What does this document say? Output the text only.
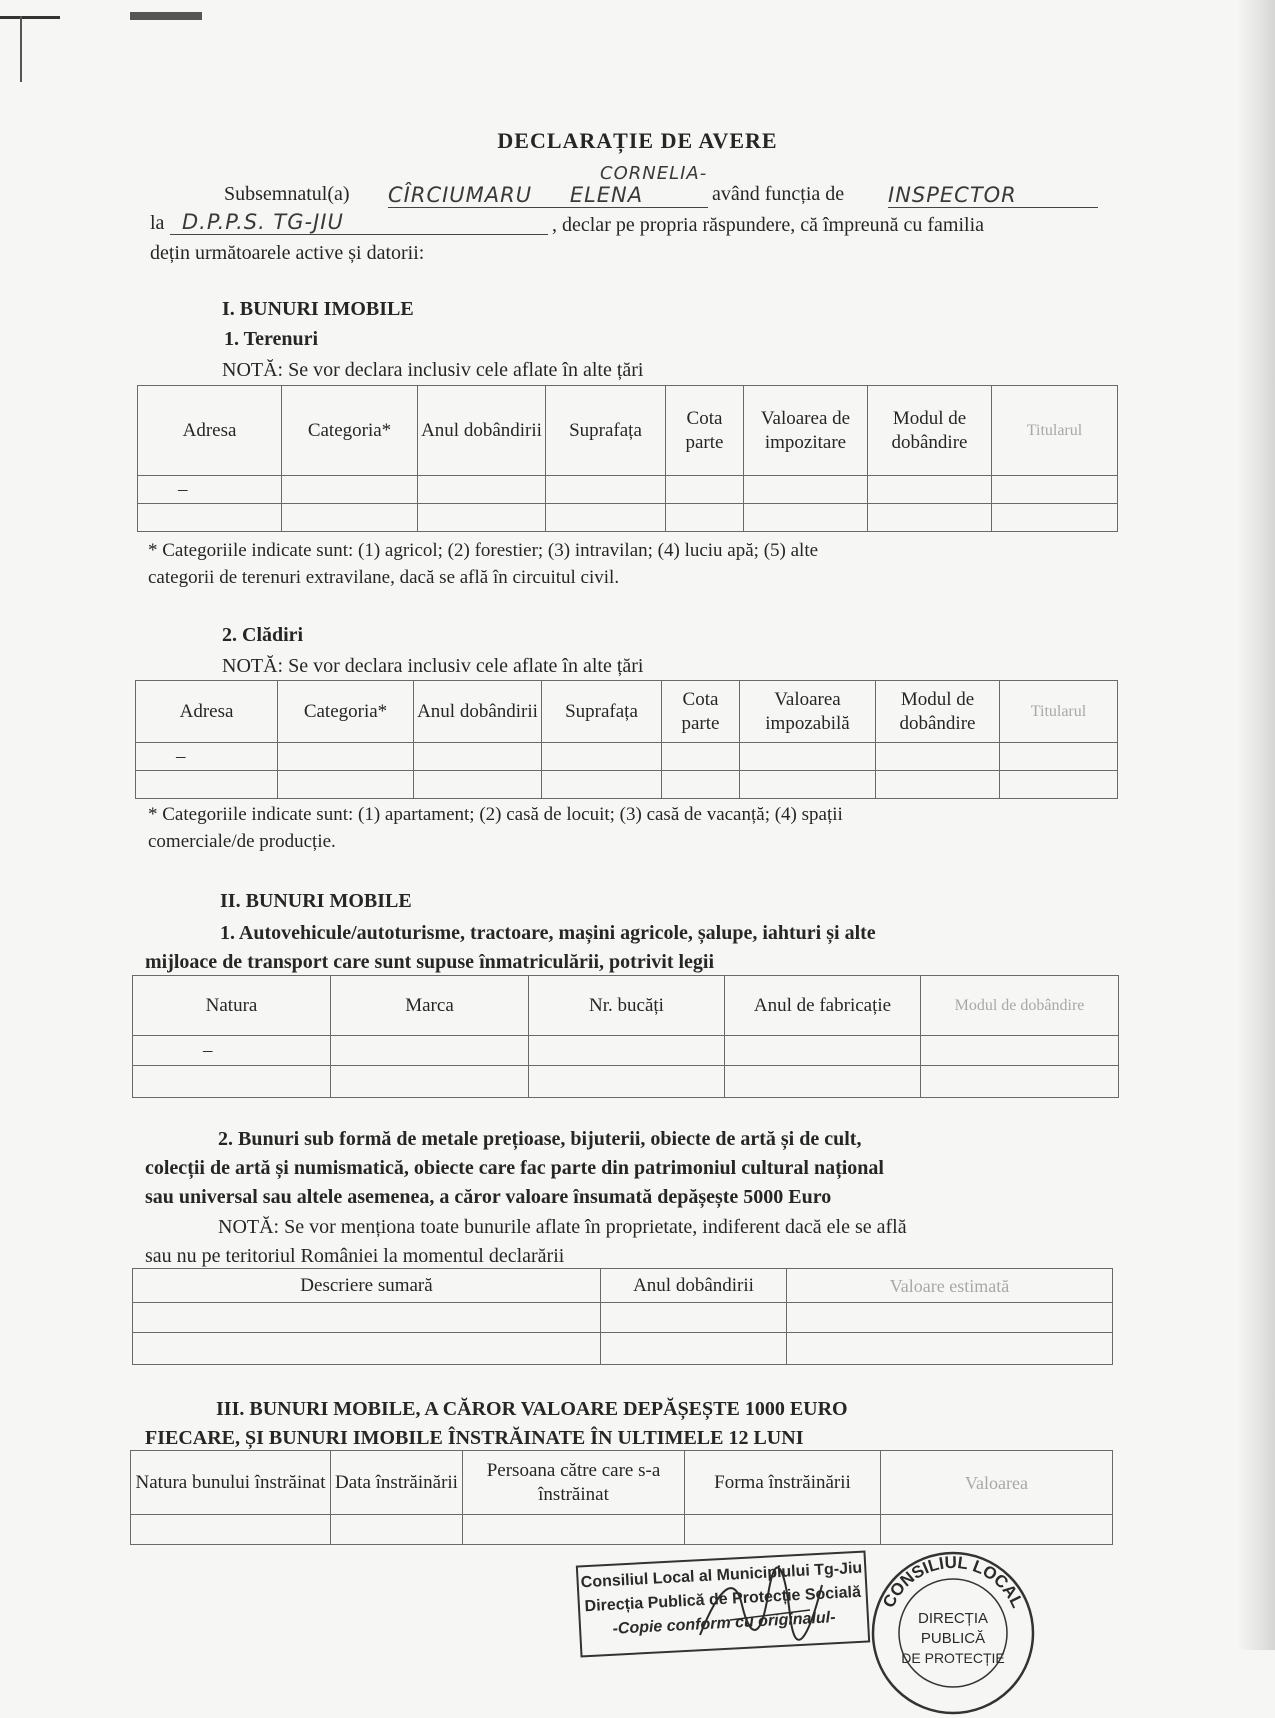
DECLARAȚIE DE AVERE
Subsemnatul(a)
CORNELIA-
CÎRCIUMARU ELENA	având funcția de INSPECTOR
la D.P.P.S. TG-JIU	, declar pe propria răspundere, că împreună cu familia
dețin următoarele active și datorii:
I. BUNURI IMOBILE
1. Terenuri
NOTĂ: Se vor declara inclusiv cele aflate în alte țări
Adresa	Categoria*	Anul dobândirii	Suprafața	Cota parte	Valoarea de impozitare	Modul de dobândire	Titularul
–							

* Categoriile indicate sunt: (1) agricol; (2) forestier; (3) intravilan; (4) luciu apă; (5) alte
categorii de terenuri extravilane, dacă se află în circuitul civil.
2. Clădiri
NOTĂ: Se vor declara inclusiv cele aflate în alte țări
Adresa	Categoria*	Anul dobândirii	Suprafața	Cota parte	Valoarea impozabilă	Modul de dobândire	Titularul
–							

* Categoriile indicate sunt: (1) apartament; (2) casă de locuit; (3) casă de vacanță; (4) spații
comerciale/de producție.
II. BUNURI MOBILE
1. Autovehicule/autoturisme, tractoare, mașini agricole, șalupe, iahturi și alte
mijloace de transport care sunt supuse înmatriculării, potrivit legii
Natura	Marca	Nr. bucăți	Anul de fabricație	Modul de dobândire
–				

2. Bunuri sub formă de metale prețioase, bijuterii, obiecte de artă și de cult,
colecții de artă și numismatică, obiecte care fac parte din patrimoniul cultural național
sau universal sau altele asemenea, a căror valoare însumată depășește 5000 Euro
NOTĂ: Se vor menționa toate bunurile aflate în proprietate, indiferent dacă ele se află
sau nu pe teritoriul României la momentul declarării
Descriere sumară	Anul dobândirii	Valoare estimată

III. BUNURI MOBILE, A CĂROR VALOARE DEPĂȘEȘTE 1000 EURO
FIECARE, ȘI BUNURI IMOBILE ÎNSTRĂINATE ÎN ULTIMELE 12 LUNI
Natura bunului înstrăinat	Data înstrăinării	Persoana către care s-a înstrăinat	Forma înstrăinării	Valoarea

Consiliul Local al Municipiului Tg-Jiu
Direcția Publică de Protecție Socială
-Copie conform cu originalul-
CONSILIUL LOCAL
DIRECȚIA
PUBLICĂ
DE PROTECȚIE
